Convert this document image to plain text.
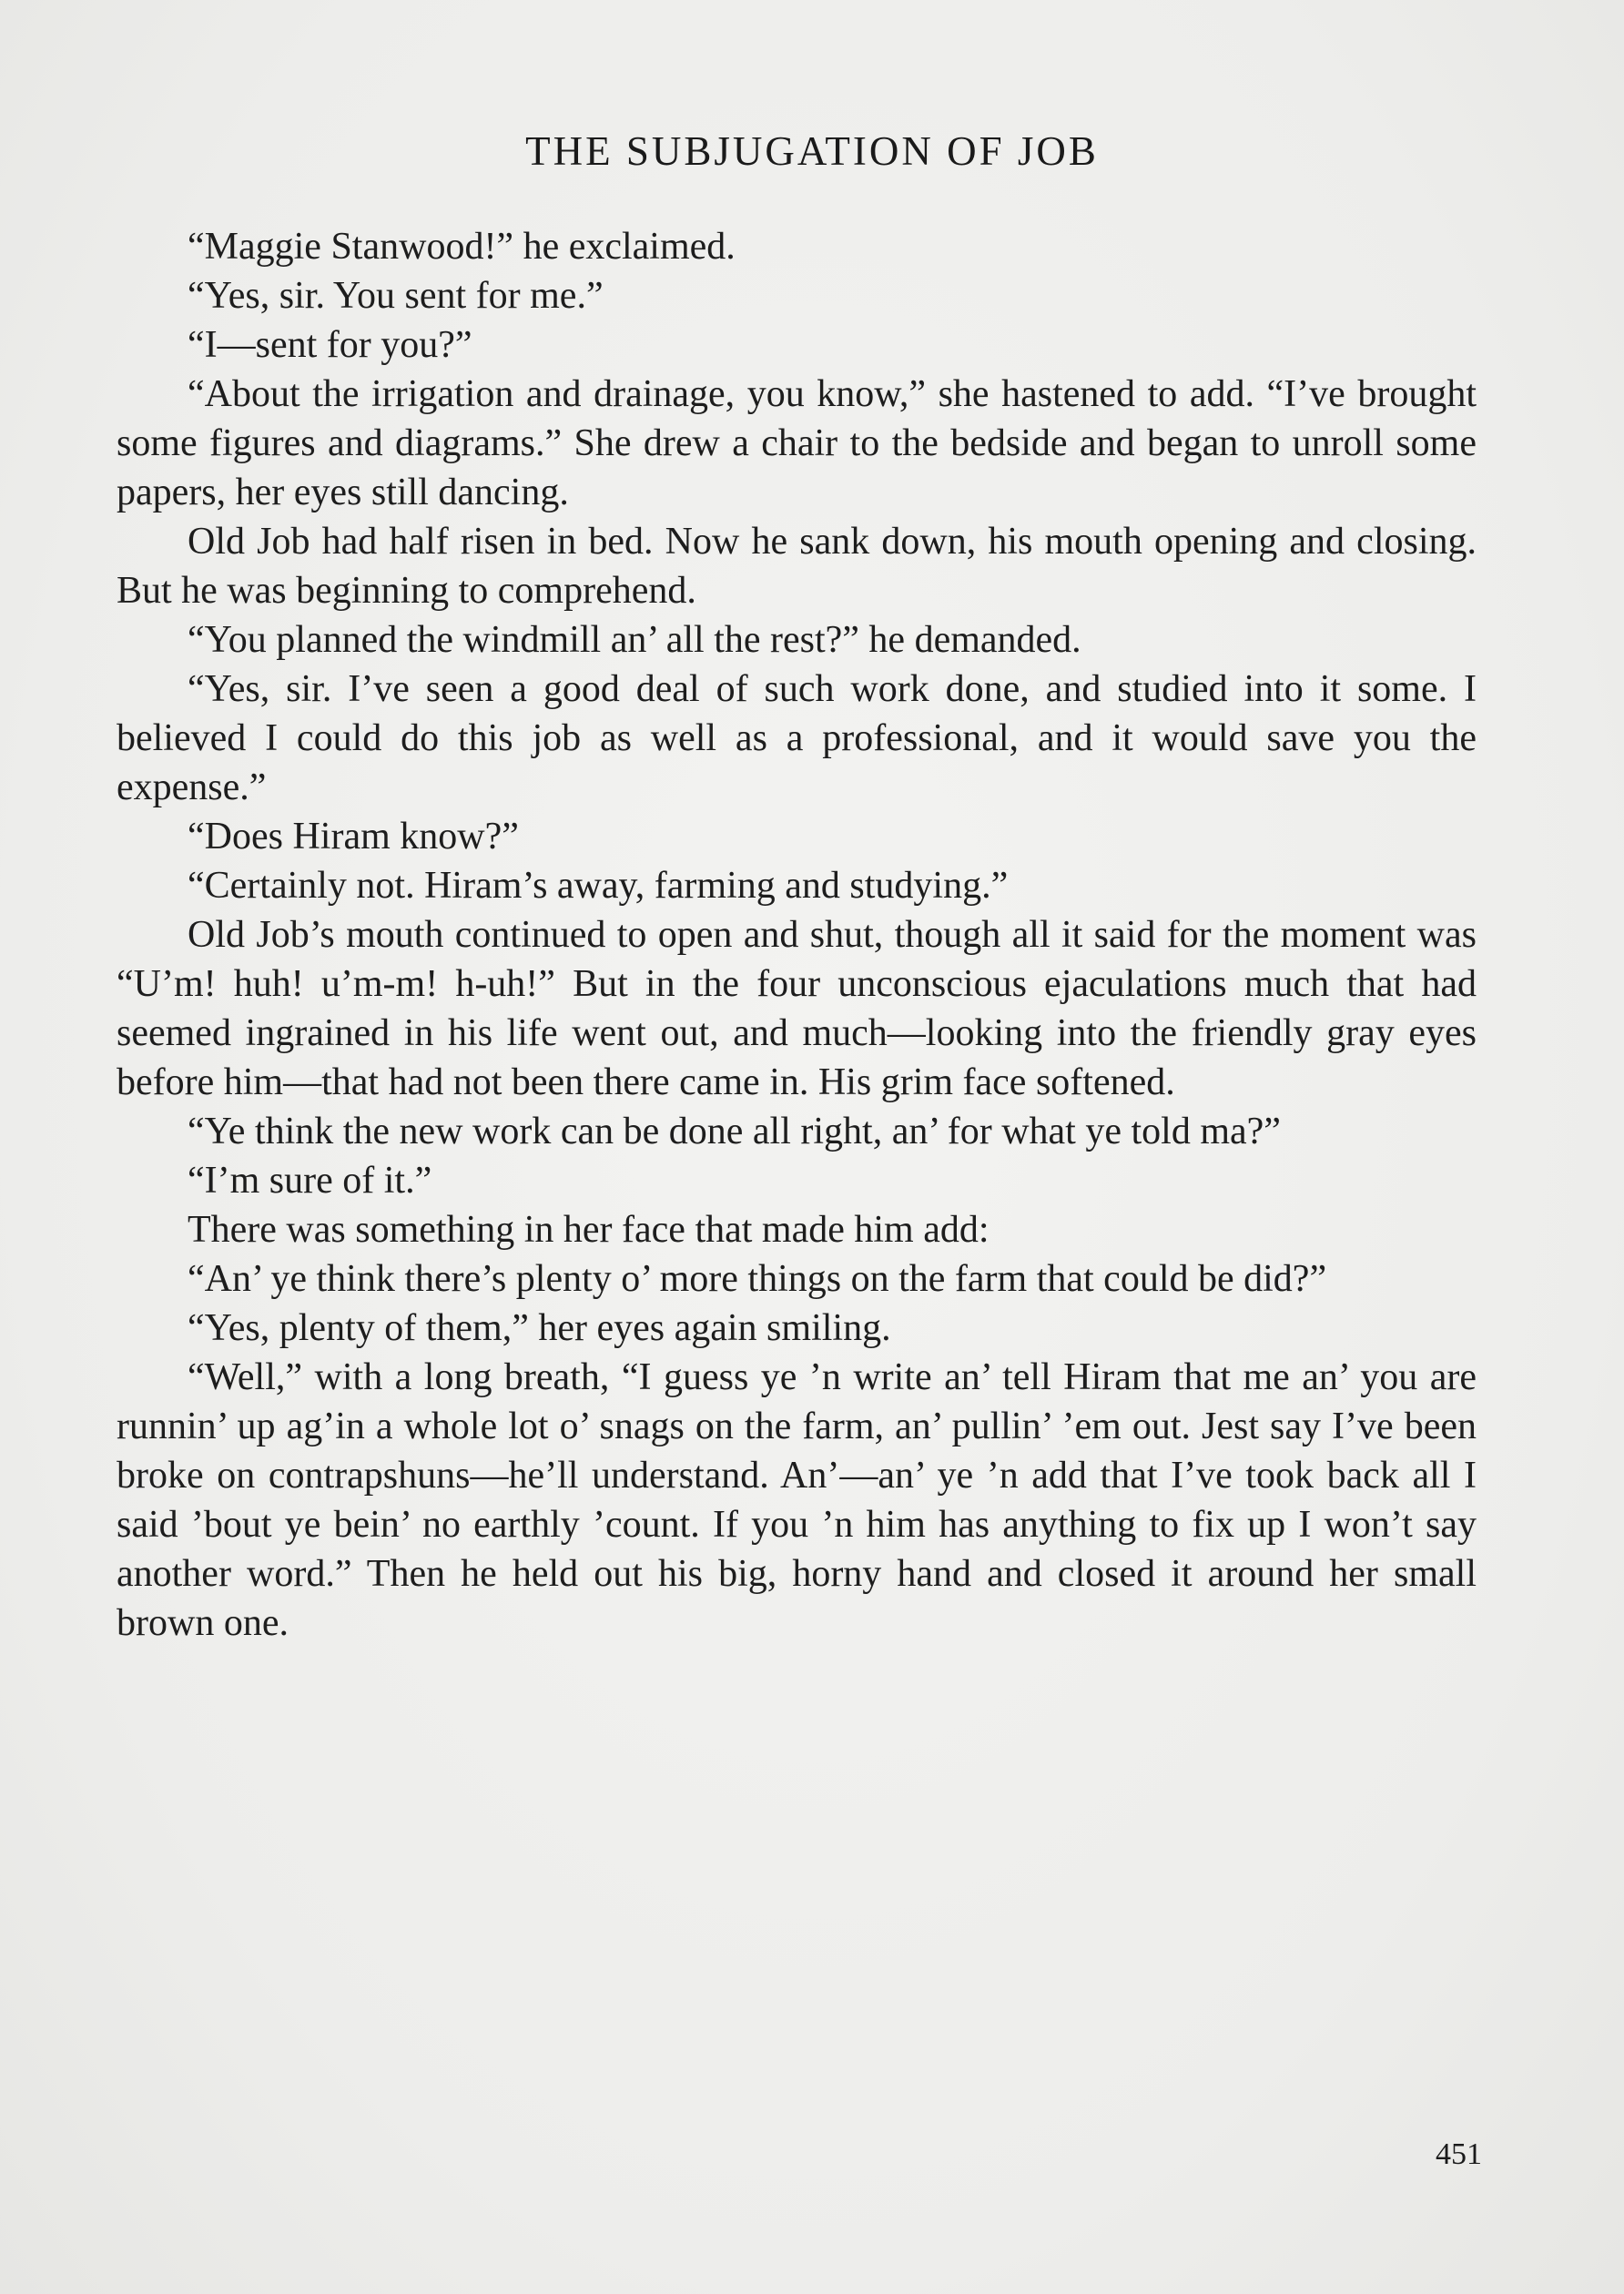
THE SUBJUGATION OF JOB

“Maggie Stanwood!” he exclaimed.

“Yes, sir. You sent for me.”

“I—sent for you?”

“About the irrigation and drainage, you know,” she hastened to add. “I’ve brought some figures and diagrams.” She drew a chair to the bedside and began to unroll some papers, her eyes still dancing.

Old Job had half risen in bed. Now he sank down, his mouth opening and closing. But he was beginning to comprehend.

“You planned the windmill an’ all the rest?” he demanded.

“Yes, sir. I’ve seen a good deal of such work done, and studied into it some. I believed I could do this job as well as a professional, and it would save you the expense.”

“Does Hiram know?”

“Certainly not. Hiram’s away, farming and studying.”

Old Job’s mouth continued to open and shut, though all it said for the moment was “U’m! huh! u’m-m! h-uh!” But in the four unconscious ejaculations much that had seemed ingrained in his life went out, and much—looking into the friendly gray eyes before him—that had not been there came in. His grim face softened.

“Ye think the new work can be done all right, an’ for what ye told ma?”

“I’m sure of it.”

There was something in her face that made him add:

“An’ ye think there’s plenty o’ more things on the farm that could be did?”

“Yes, plenty of them,” her eyes again smiling.

“Well,” with a long breath, “I guess ye ’n write an’ tell Hiram that me an’ you are runnin’ up ag’in a whole lot o’ snags on the farm, an’ pullin’ ’em out. Jest say I’ve been broke on contrapshuns—he’ll understand. An’—an’ ye ’n add that I’ve took back all I said ’bout ye bein’ no earthly ’count. If you ’n him has anything to fix up I won’t say another word.” Then he held out his big, horny hand and closed it around her small brown one.

451
